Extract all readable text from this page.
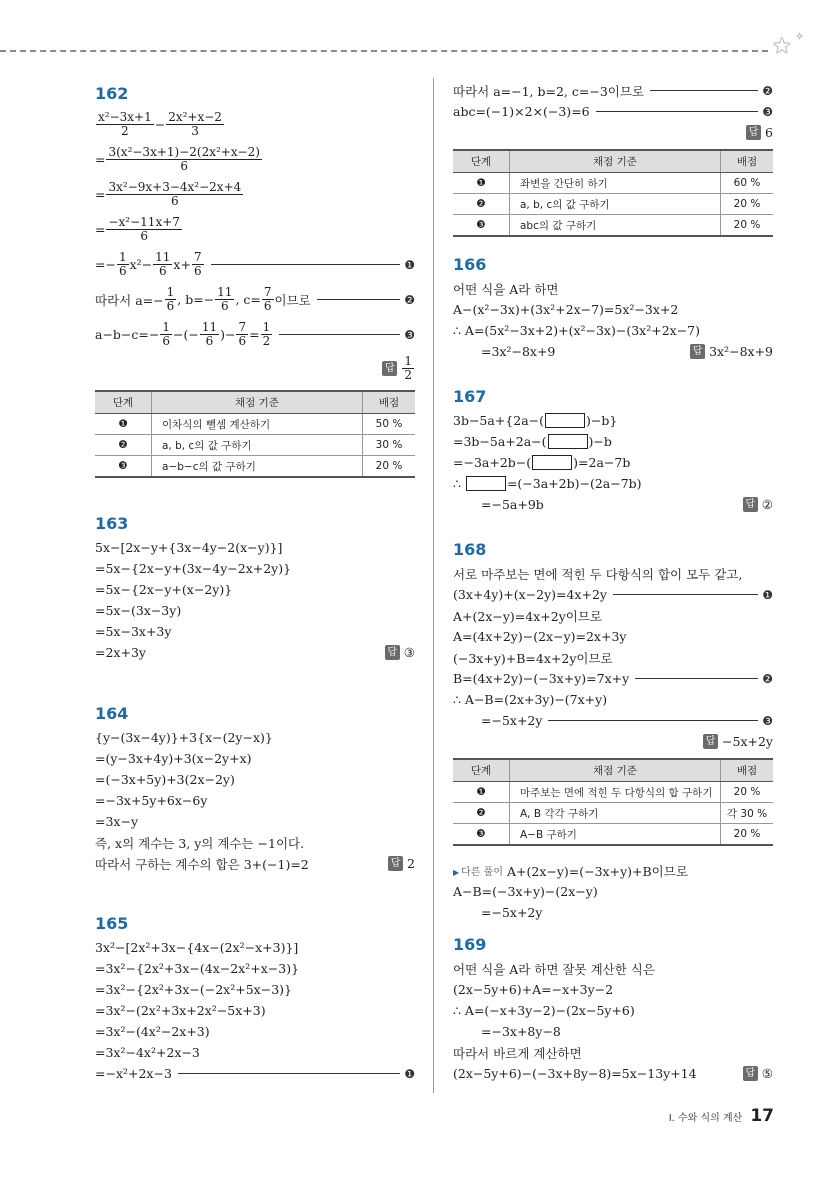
★ ✧
162
$\frac{\text{x²−3x+1}}{2} - \frac{\text{2x²+x−2}}{3}$
= $\frac{\text{3(x²−3x+1)−2(2x²+x−2)}}{6}$
= $\frac{\text{3x²−9x+3−4x²−2x+4}}{6}$
= $\frac{\text{−x²−11x+7}}{6}$
=− $\frac{1}{6} x^2- \frac{11}{6} x+ \frac{7}{6}$	❶
따라서 $a=- \frac{1}{6}$ , $b=- \frac{11}{6}$ , $c= \frac{7}{6}$ 이므로	❷
$a-b-c=- \frac{1}{6}$ −(− $\frac{11}{6}$ )− $\frac{7}{6} = \frac{1}{2}$	❸
답 $\frac{1}{2}$
단계	채점 기준	배점
❶	이차식의 뺄셈 계산하기	50 %
❷	a, b, c의 값 구하기	30 %
❸	a−b−c의 값 구하기	20 %
163
5x−[2x−y+{3x−4y−2(x−y)}]
=5x−{2x−y+(3x−4y−2x+2y)}
=5x−{2x−y+(x−2y)}
=5x−(3x−3y)
=5x−3x+3y
=2x+3y	답 ③
164
{y−(3x−4y)}+3{x−(2y−x)}
=(y−3x+4y)+3(x−2y+x)
=(−3x+5y)+3(2x−2y)
=−3x+5y+6x−6y
=3x−y
즉, x의 계수는 3, y의 계수는 −1이다.
따라서 구하는 계수의 합은 3+(−1)=2	답 2
165
3x²−[2x²+3x−{4x−(2x²−x+3)}]
=3x²−{2x²+3x−(4x−2x²+x−3)}
=3x²−{2x²+3x−(−2x²+5x−3)}
=3x²−(2x²+3x+2x²−5x+3)
=3x²−(4x²−2x+3)
=3x²−4x²+2x−3
=−x²+2x−3	❶
따라서 a=−1, b=2, c=−3이므로	❷
abc=(−1)×2×(−3)=6	❸
답 6
단계	채점 기준	배점
❶	좌변을 간단히 하기	60 %
❷	a, b, c의 값 구하기	20 %
❸	abc의 값 구하기	20 %
166
어떤 식을 A라 하면
A−(x²−3x)+(3x²+2x−7)=5x²−3x+2
∴ A=(5x²−3x+2)+(x²−3x)−(3x²+2x−7)
=3x²−8x+9	답 3x²−8x+9
167
3b−5a+{2a−(	)−b}
=3b−5a+2a−(	)−b
=−3a+2b−(	)=2a−7b
∴	=(−3a+2b)−(2a−7b)
=−5a+9b	답 ②
168
서로 마주보는 면에 적힌 두 다항식의 합이 모두 같고,
(3x+4y)+(x−2y)=4x+2y	❶
A+(2x−y)=4x+2y이므로
A=(4x+2y)−(2x−y)=2x+3y
(−3x+y)+B=4x+2y이므로
B=(4x+2y)−(−3x+y)=7x+y	❷
∴ A−B=(2x+3y)−(7x+y)
=−5x+2y	❸
답 −5x+2y
단계	채점 기준	배점
❶	마주보는 면에 적힌 두 다항식의 합 구하기	20 %
❷	A, B 각각 구하기	각 30 %
❸	A−B 구하기	20 %
▶ 다른 풀이 A+(2x−y)=(−3x+y)+B이므로
A−B=(−3x+y)−(2x−y)
=−5x+2y
169
어떤 식을 A라 하면 잘못 계산한 식은
(2x−5y+6)+A=−x+3y−2
∴ A=(−x+3y−2)−(2x−5y+6)
=−3x+8y−8
따라서 바르게 계산하면
(2x−5y+6)−(−3x+8y−8)=5x−13y+14	답 ⑤
Ⅰ. 수와 식의 계산 17
